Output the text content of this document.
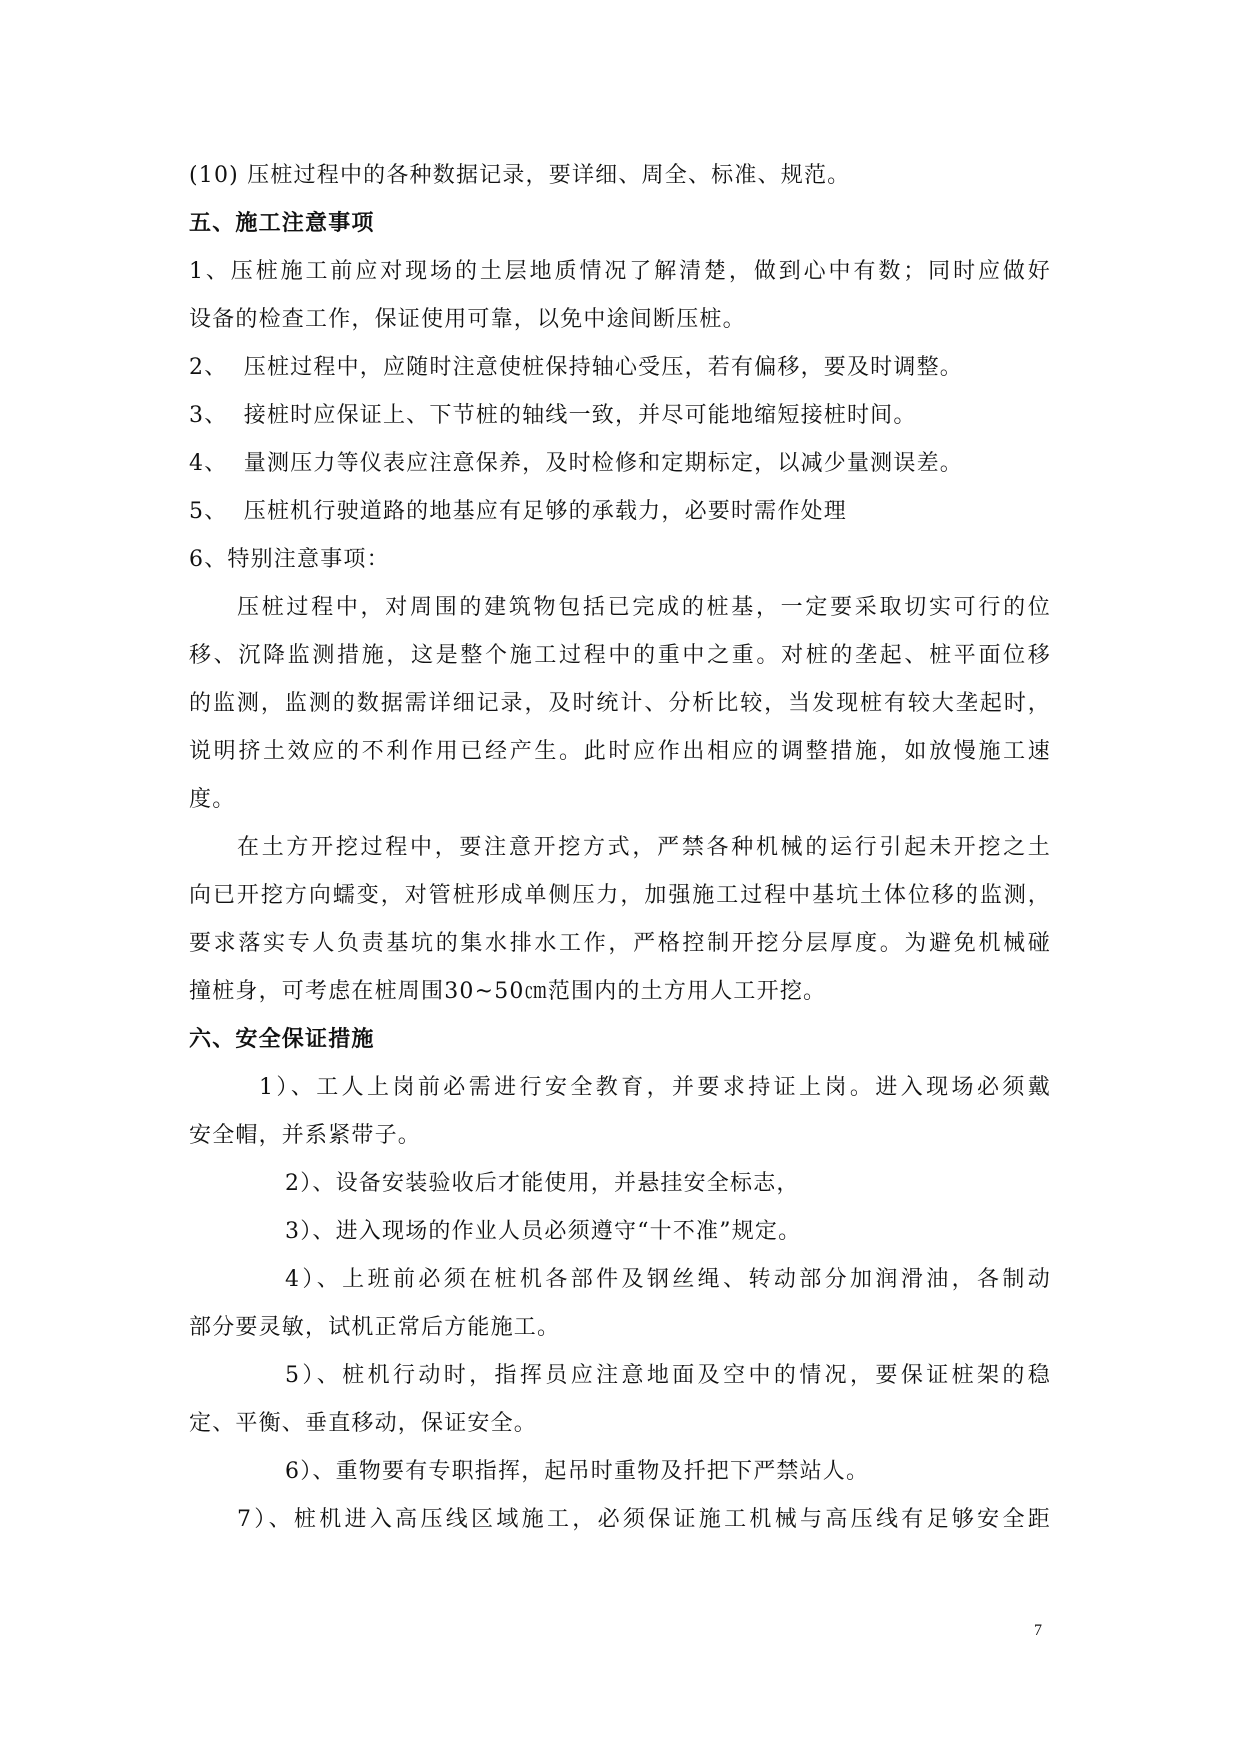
(10) 压桩过程中的各种数据记录，要详细、周全、标准、规范。
五、施工注意事项
1、压桩施工前应对现场的土层地质情况了解清楚，做到心中有数；同时应做好
设备的检查工作，保证使用可靠，以免中途间断压桩。
2、  压桩过程中，应随时注意使桩保持轴心受压，若有偏移，要及时调整。
3、  接桩时应保证上、下节桩的轴线一致，并尽可能地缩短接桩时间。
4、  量测压力等仪表应注意保养，及时检修和定期标定，以减少量测误差。
5、  压桩机行驶道路的地基应有足够的承载力，必要时需作处理
6、特别注意事项：
压桩过程中，对周围的建筑物包括已完成的桩基，一定要采取切实可行的位
移、沉降监测措施，这是整个施工过程中的重中之重。对桩的垄起、桩平面位移
的监测，监测的数据需详细记录，及时统计、分析比较，当发现桩有较大垄起时，
说明挤土效应的不利作用已经产生。此时应作出相应的调整措施，如放慢施工速
度。
在土方开挖过程中，要注意开挖方式，严禁各种机械的运行引起未开挖之土
向已开挖方向蠕变，对管桩形成单侧压力，加强施工过程中基坑土体位移的监测，
要求落实专人负责基坑的集水排水工作，严格控制开挖分层厚度。为避免机械碰
撞桩身，可考虑在桩周围30~50㎝范围内的土方用人工开挖。
六、安全保证措施
1）、工人上岗前必需进行安全教育，并要求持证上岗。进入现场必须戴
安全帽，并系紧带子。
2）、设备安装验收后才能使用，并悬挂安全标志，
3）、进入现场的作业人员必须遵守“十不准”规定。
4）、上班前必须在桩机各部件及钢丝绳、转动部分加润滑油，各制动
部分要灵敏，试机正常后方能施工。
5）、桩机行动时，指挥员应注意地面及空中的情况，要保证桩架的稳
定、平衡、垂直移动，保证安全。
6）、重物要有专职指挥，起吊时重物及扦把下严禁站人。
7）、桩机进入高压线区域施工，必须保证施工机械与高压线有足够安全距
7
